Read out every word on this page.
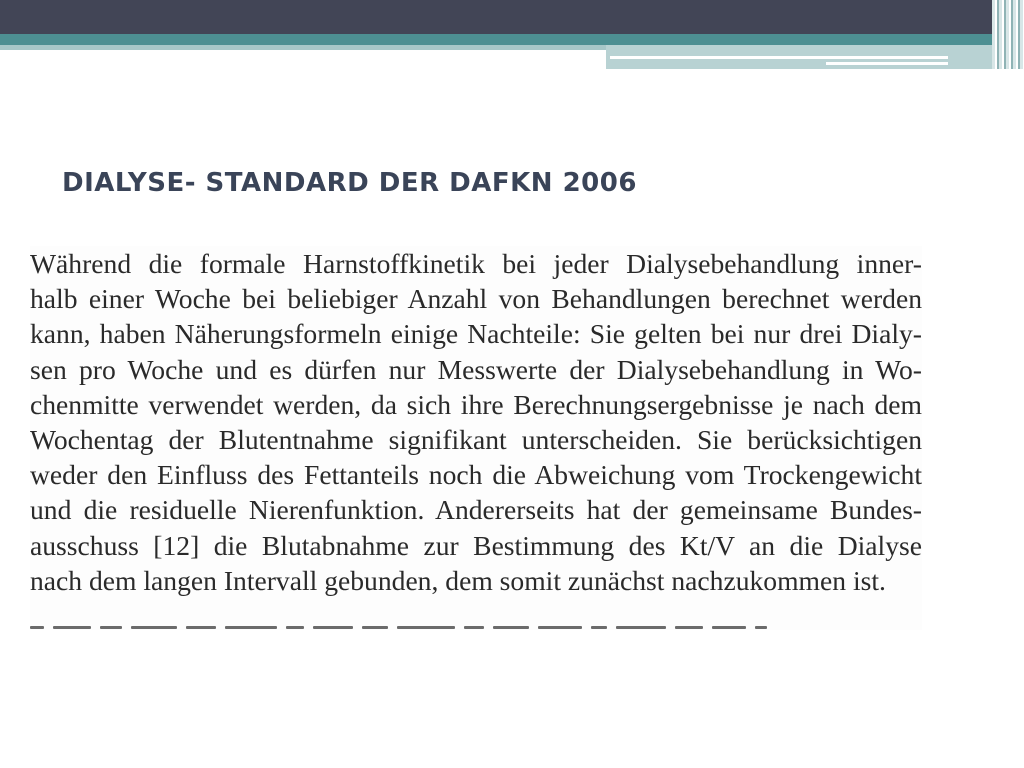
DIALYSE- STANDARD DER DAFKN 2006

Während die formale Harnstoffkinetik bei jeder Dialysebehandlung inner-

halb einer Woche bei beliebiger Anzahl von Behandlungen berechnet werden

kann, haben Näherungsformeln einige Nachteile: Sie gelten bei nur drei Dialy-

sen pro Woche und es dürfen nur Messwerte der Dialysebehandlung in Wo-

chenmitte verwendet werden, da sich ihre Berechnungsergebnisse je nach dem

Wochentag der Blutentnahme signifikant unterscheiden. Sie berücksichtigen

weder den Einfluss des Fettanteils noch die Abweichung vom Trockengewicht

und die residuelle Nierenfunktion. Andererseits hat der gemeinsame Bundes-

ausschuss [12] die Blutabnahme zur Bestimmung des Kt/V an die Dialyse

nach dem langen Intervall gebunden, dem somit zunächst nachzukommen ist.
